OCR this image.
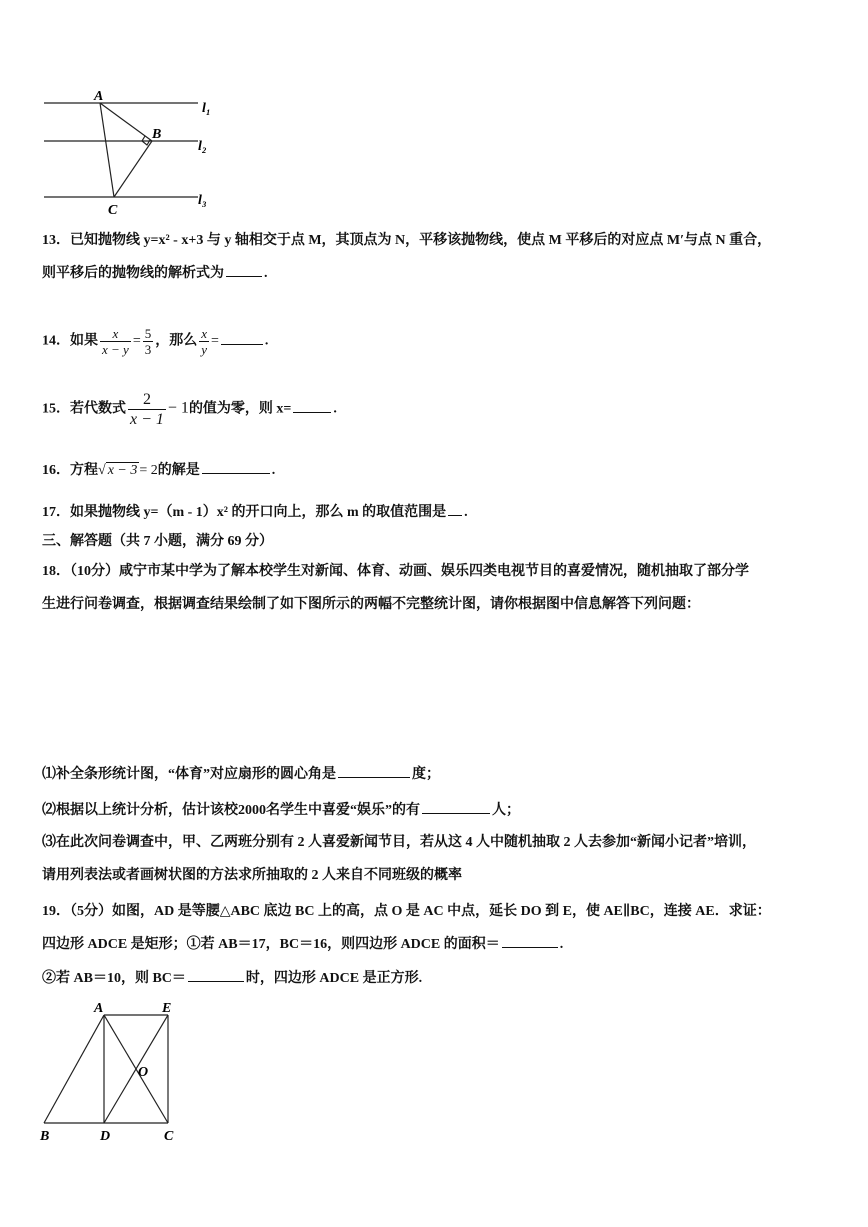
A
B
C
l₁
l₂
l₃
13．已知抛物线 y=x² - x+3 与 y 轴相交于点 M，其顶点为 N，平移该抛物线，使点 M 平移后的对应点 M′与点 N 重合，
则平移后的抛物线的解析式为	.
14．如果 $\frac{x}{x - y} = \frac{5}{3}$ ，那么 $\frac{x}{y}$ =	.
15．若代数式 $\frac{2}{x - 1} - 1$的值为零，则 x=	.
16．方程√ x − 3 = 2的解是	.
17．如果抛物线 y=（m - 1）x² 的开口向上，那么 m 的取值范围是 .
三、解答题（共 7 小题，满分 69 分）
18．（10分）咸宁市某中学为了解本校学生对新闻、体育、动画、娱乐四类电视节目的喜爱情况，随机抽取了部分学
生进行问卷调查，根据调查结果绘制了如下图所示的两幅不完整统计图，请你根据图中信息解答下列问题：
⑴补全条形统计图，“体育”对应扇形的圆心角是	度；
⑵根据以上统计分析，估计该校2000名学生中喜爱“娱乐”的有	人；
⑶在此次问卷调查中，甲、乙两班分别有 2 人喜爱新闻节目，若从这 4 人中随机抽取 2 人去参加“新闻小记者”培训，
请用列表法或者画树状图的方法求所抽取的 2 人来自不同班级的概率
19．（5分）如图，AD 是等腰△ABC 底边 BC 上的高，点 O 是 AC 中点，延长 DO 到 E，使 AE∥BC，连接 AE．求证：
四边形 ADCE 是矩形；①若 AB＝17，BC＝16，则四边形 ADCE 的面积＝	.
②若 AB＝10，则 BC＝	时，四边形 ADCE 是正方形.
A	E
O
B	D	C
